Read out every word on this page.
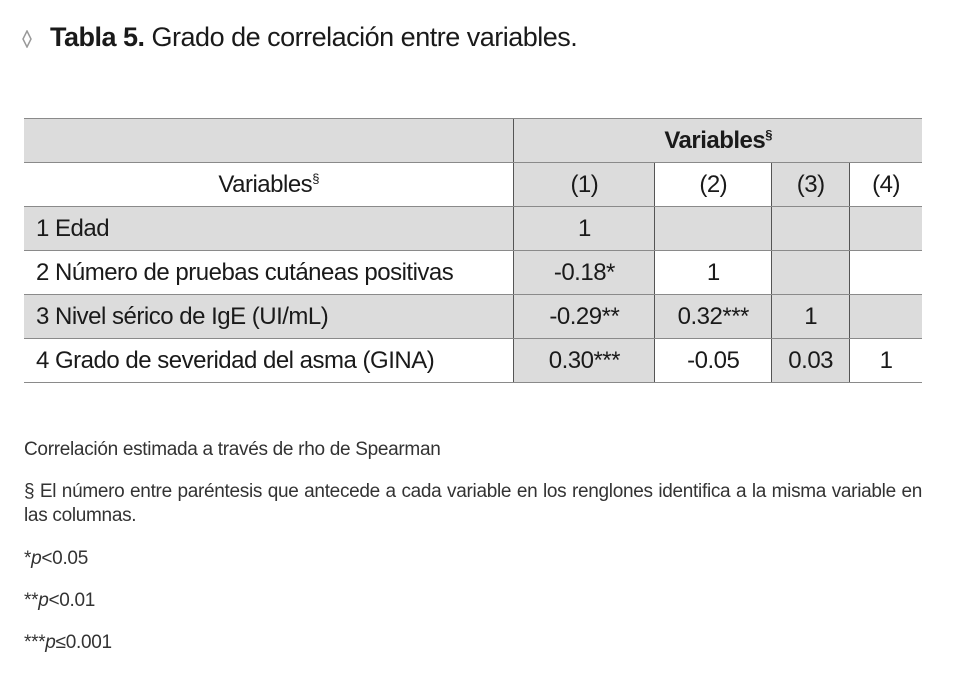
Tabla 5. Grado de correlación entre variables.
	Variables§
Variables§	(1)	(2)	(3)	(4)
1 Edad	1			
2 Número de pruebas cutáneas positivas	-0.18*	1		
3 Nivel sérico de IgE (UI/mL)	-0.29**	0.32***	1	
4 Grado de severidad del asma (GINA)	0.30***	-0.05	0.03	1

Correlación estimada a través de rho de Spearman

§ El número entre paréntesis que antecede a cada variable en los renglones identifica a la misma variable en las columnas.

*p<0.05

**p<0.01

***p≤0.001
